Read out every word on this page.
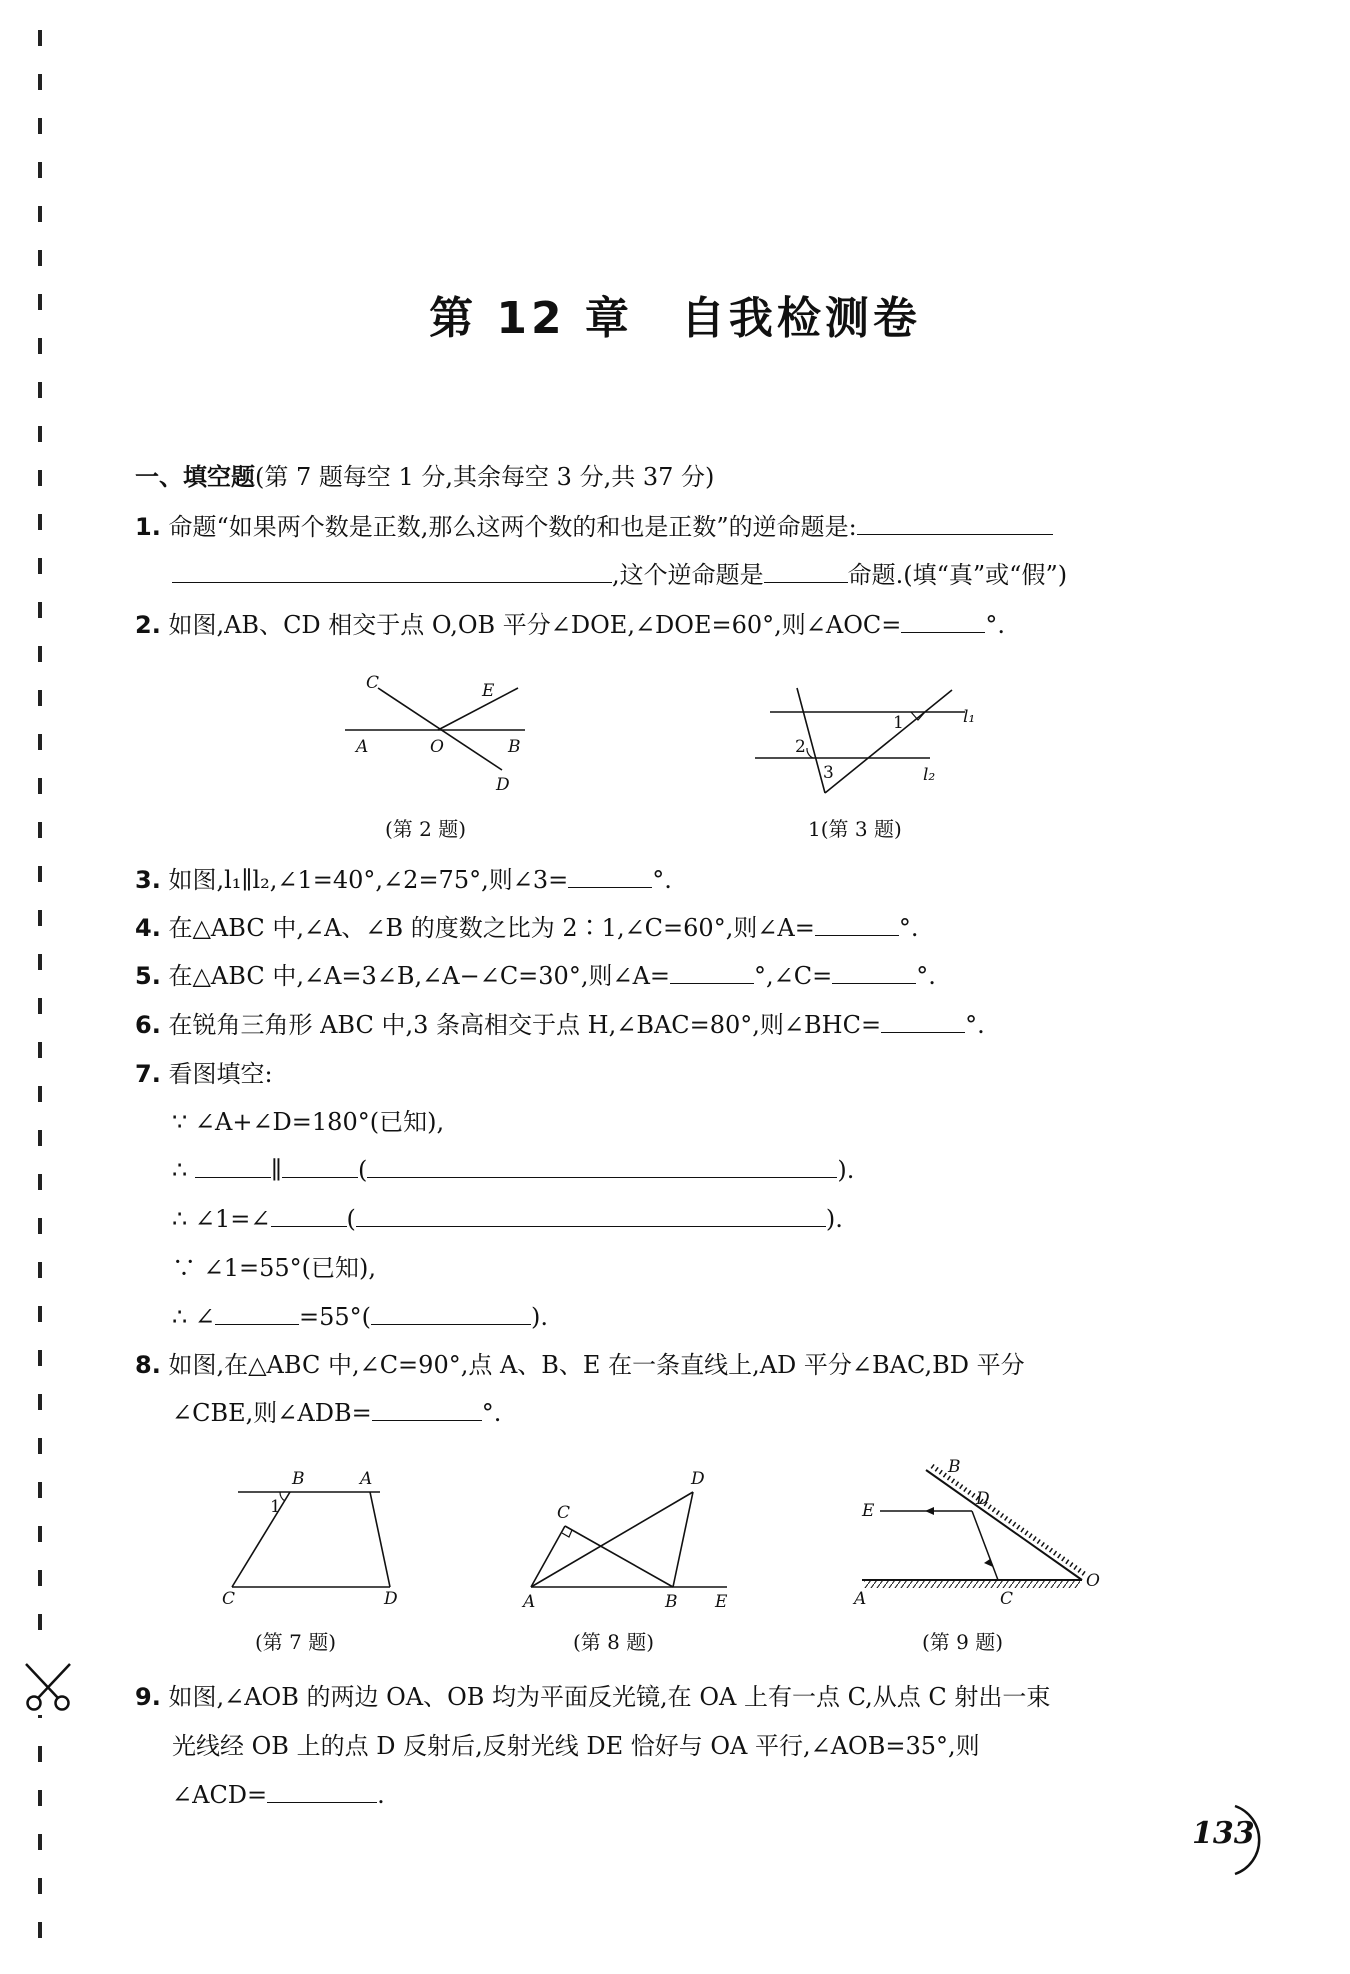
第 12 章　自我检测卷
一、填空题(第 7 题每空 1 分,其余每空 3 分,共 37 分)
1. 命题“如果两个数是正数,那么这两个数的和也是正数”的逆命题是:
,这个逆命题是	命题.(填“真”或“假”)
2. 如图,AB、CD 相交于点 O,OB 平分∠DOE,∠DOE=60°,则∠AOC=	°.
C	E
A	O	B
D
(第 2 题)
1
2
3
l₁
l₂
1(第 3 题)
3. 如图,l₁∥l₂,∠1=40°,∠2=75°,则∠3=	°.
4. 在△ABC 中,∠A、∠B 的度数之比为 2∶1,∠C=60°,则∠A=	°.
5. 在△ABC 中,∠A=3∠B,∠A−∠C=30°,则∠A=	°,∠C=	°.
6. 在锐角三角形 ABC 中,3 条高相交于点 H,∠BAC=80°,则∠BHC=	°.
7. 看图填空:
∵ ∠A+∠D=180°(已知),
∴	∥	(	).
∴ ∠1=∠	(	).
∵ ∠1=55°(已知),
∴ ∠	=55°(	).
8. 如图,在△ABC 中,∠C=90°,点 A、B、E 在一条直线上,AD 平分∠BAC,BD 平分
∠CBE,则∠ADB=	°.
B	A
1
C	D
(第 7 题)
C
D
A	B E
(第 8 题)
B
D
E
A	C
O
(第 9 题)
9. 如图,∠AOB 的两边 OA、OB 均为平面反光镜,在 OA 上有一点 C,从点 C 射出一束
光线经 OB 上的点 D 反射后,反射光线 DE 恰好与 OA 平行,∠AOB=35°,则
∠ACD=	.
133
